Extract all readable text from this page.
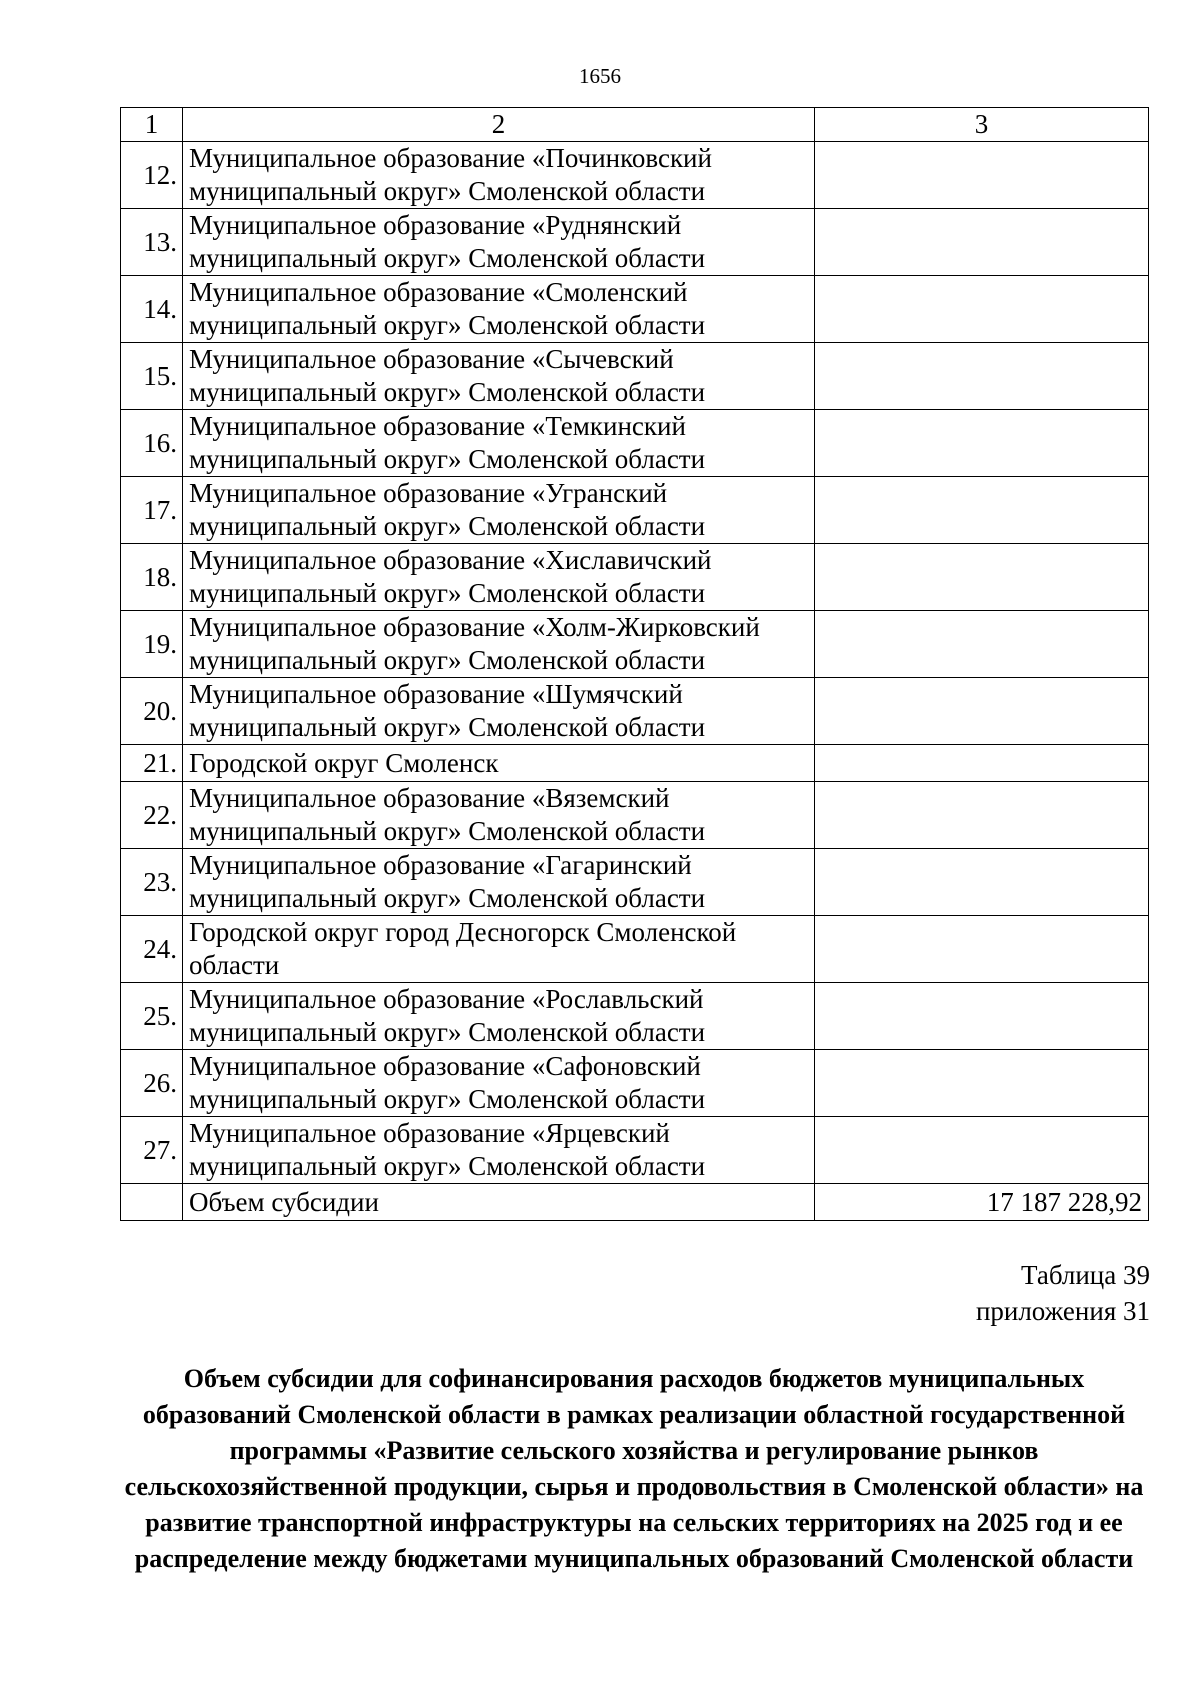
1656
1	2	3
12.	Муниципальное образование «Починковский муниципальный округ» Смоленской области	
13.	Муниципальное образование «Руднянский муниципальный округ» Смоленской области	
14.	Муниципальное образование «Смоленский муниципальный округ» Смоленской области	
15.	Муниципальное образование «Сычевский муниципальный округ» Смоленской области	
16.	Муниципальное образование «Темкинский муниципальный округ» Смоленской области	
17.	Муниципальное образование «Угранский муниципальный округ» Смоленской области	
18.	Муниципальное образование «Хиславичский муниципальный округ» Смоленской области	
19.	Муниципальное образование «Холм-Жирковский муниципальный округ» Смоленской области	
20.	Муниципальное образование «Шумячский муниципальный округ» Смоленской области	
21.	Городской округ Смоленск	
22.	Муниципальное образование «Вяземский муниципальный округ» Смоленской области	
23.	Муниципальное образование «Гагаринский муниципальный округ» Смоленской области	
24.	Городской округ город Десногорск Смоленской области	
25.	Муниципальное образование «Рославльский муниципальный округ» Смоленской области	
26.	Муниципальное образование «Сафоновский муниципальный округ» Смоленской области	
27.	Муниципальное образование «Ярцевский муниципальный округ» Смоленской области	
	Объем субсидии	17 187 228,92
Таблица 39
приложения 31
Объем субсидии для софинансирования расходов бюджетов муниципальных образований Смоленской области в рамках реализации областной государственной программы «Развитие сельского хозяйства и регулирование рынков сельскохозяйственной продукции, сырья и продовольствия в Смоленской области» на развитие транспортной инфраструктуры на сельских территориях на 2025 год и ее распределение между бюджетами муниципальных образований Смоленской области
